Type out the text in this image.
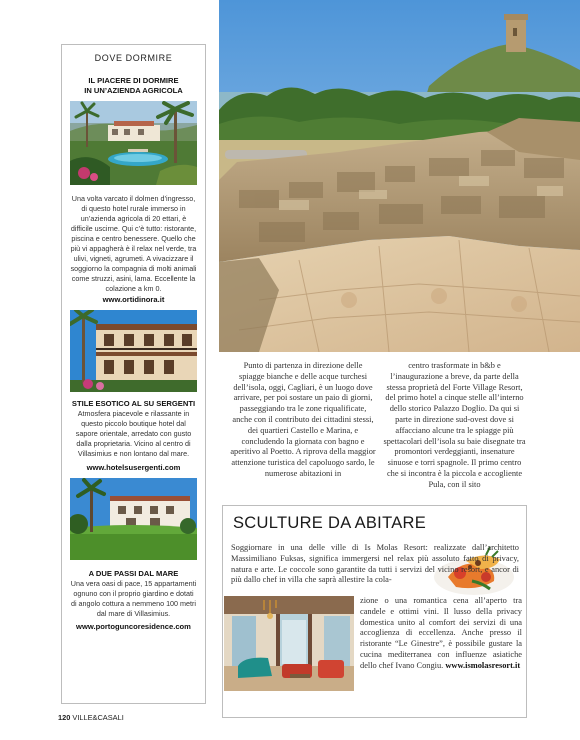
DOVE DORMIRE
IL PIACERE DI DORMIRE
IN UN’AZIENDA AGRICOLA
Una volta varcato il dolmen d’ingresso, di questo hotel rurale immerso in un’azienda agricola di 20 ettari, è difficile uscirne. Qui c’è tutto: ristorante, piscina e centro benessere. Quello che più vi appagherà è il relax nel verde, tra ulivi, vigneti, agrumeti. A vivacizzare il soggiorno la compagnia di molti animali come struzzi, asini, lama. Eccellente la colazione a km 0.
www.ortidinora.it
STILE ESOTICO AL SU SERGENTI
Atmosfera piacevole e rilassante in questo piccolo boutique hotel dal sapore orientale, arredato con gusto dalla proprietaria. Vicino al centro di Villasimius e non lontano dal mare.
www.hotelsusergenti.com
A DUE PASSI DAL MARE
Una vera oasi di pace, 15 appartamenti ognuno con il proprio giardino e dotati di angolo cottura a nemmeno 100 metri dal mare di Villasimius.
www.portoguncoresidence.com
Punto di partenza in direzione delle spiagge bianche e delle acque turchesi dell’isola, oggi, Cagliari, è un luogo dove arrivare, per poi sostare un paio di giorni, passeggiando tra le zone riqualificate, anche con il contributo dei cittadini stessi, dei quartieri Castello e Marina, e concludendo la giornata con bagno e aperitivo al Poetto. A riprova della maggior attenzione turistica del capoluogo sardo, le numerose abitazioni in
centro trasformate in b&b e l’inaugurazione a breve, da parte della stessa proprietà del Forte Village Resort, del primo hotel a cinque stelle all’interno dello storico Palazzo Doglio. Da qui si parte in direzione sud-ovest dove si affacciano alcune tra le spiagge più spettacolari dell’isola su baie disegnate tra promontori verdeggianti, insenature sinuose e torri spagnole. Il primo centro che si incontra è la piccola e accogliente Pula, con il sito
SCULTURE DA ABITARE
Soggiornare in una delle ville di Is Molas Resort: realizzate dall’architetto Massimiliano Fuksas, significa immergersi nel relax più assoluto fatto di privacy, natura e arte. Le coccole sono garantite da tutti i servizi del vicino resort, e ancor di più dallo chef in villa che saprà allestire la cola-
zione o una romantica cena all’aperto tra candele e ottimi vini. Il lusso della privacy domestica unito al comfort dei servizi di una accoglienza di eccellenza. Anche presso il ristorante “Le Ginestre”, è possibile gustare la cucina mediterranea con influenze asiatiche dello chef Ivano Congiu. www.ismolasresort.it
120 VILLE&CASALI
